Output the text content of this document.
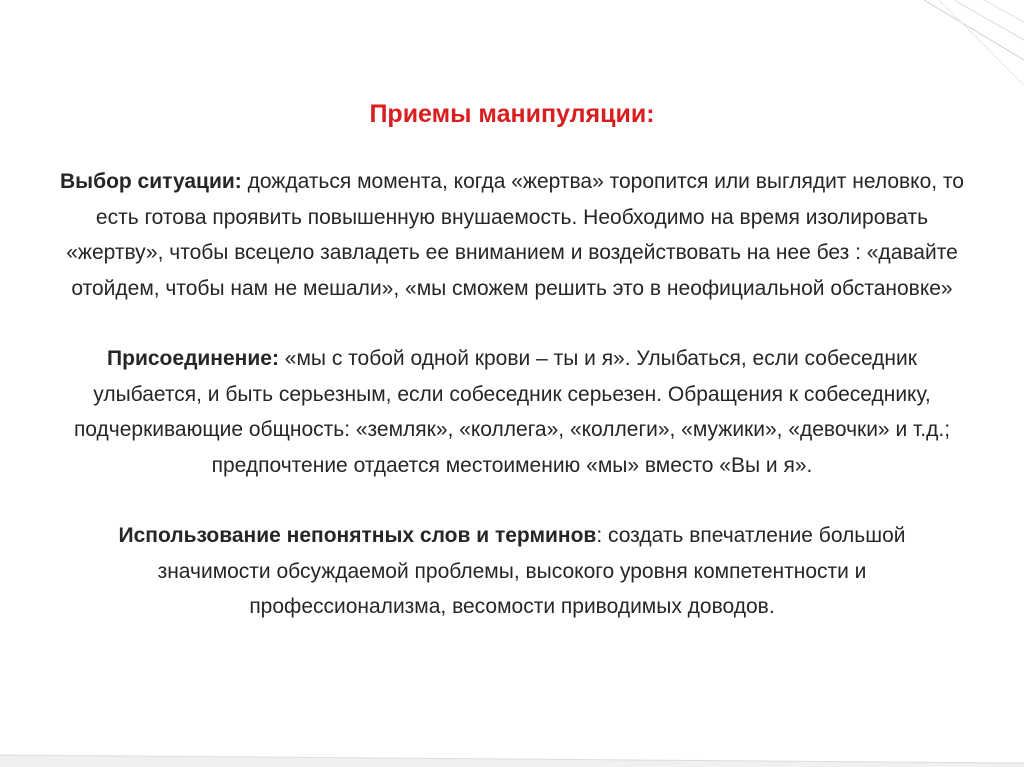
Приемы манипуляции:

Выбор ситуации: дождаться момента, когда «жертва» торопится или выглядит неловко, то есть готова проявить повышенную внушаемость. Необходимо на время изолировать «жертву», чтобы всецело завладеть ее вниманием и воздействовать на нее без : «давайте отойдем, чтобы нам не мешали», «мы сможем решить это в неофициальной обстановке»

Присоединение: «мы с тобой одной крови – ты и я». Улыбаться, если собеседник улыбается, и быть серьезным, если собеседник серьезен. Обращения к собеседнику, подчеркивающие общность: «земляк», «коллега», «коллеги», «мужики», «девочки» и т.д.; предпочтение отдается местоимению «мы» вместо «Вы и я».

Использование непонятных слов и терминов: создать впечатление большой значимости обсуждаемой проблемы, высокого уровня компетентности и профессионализма, весомости приводимых доводов.
